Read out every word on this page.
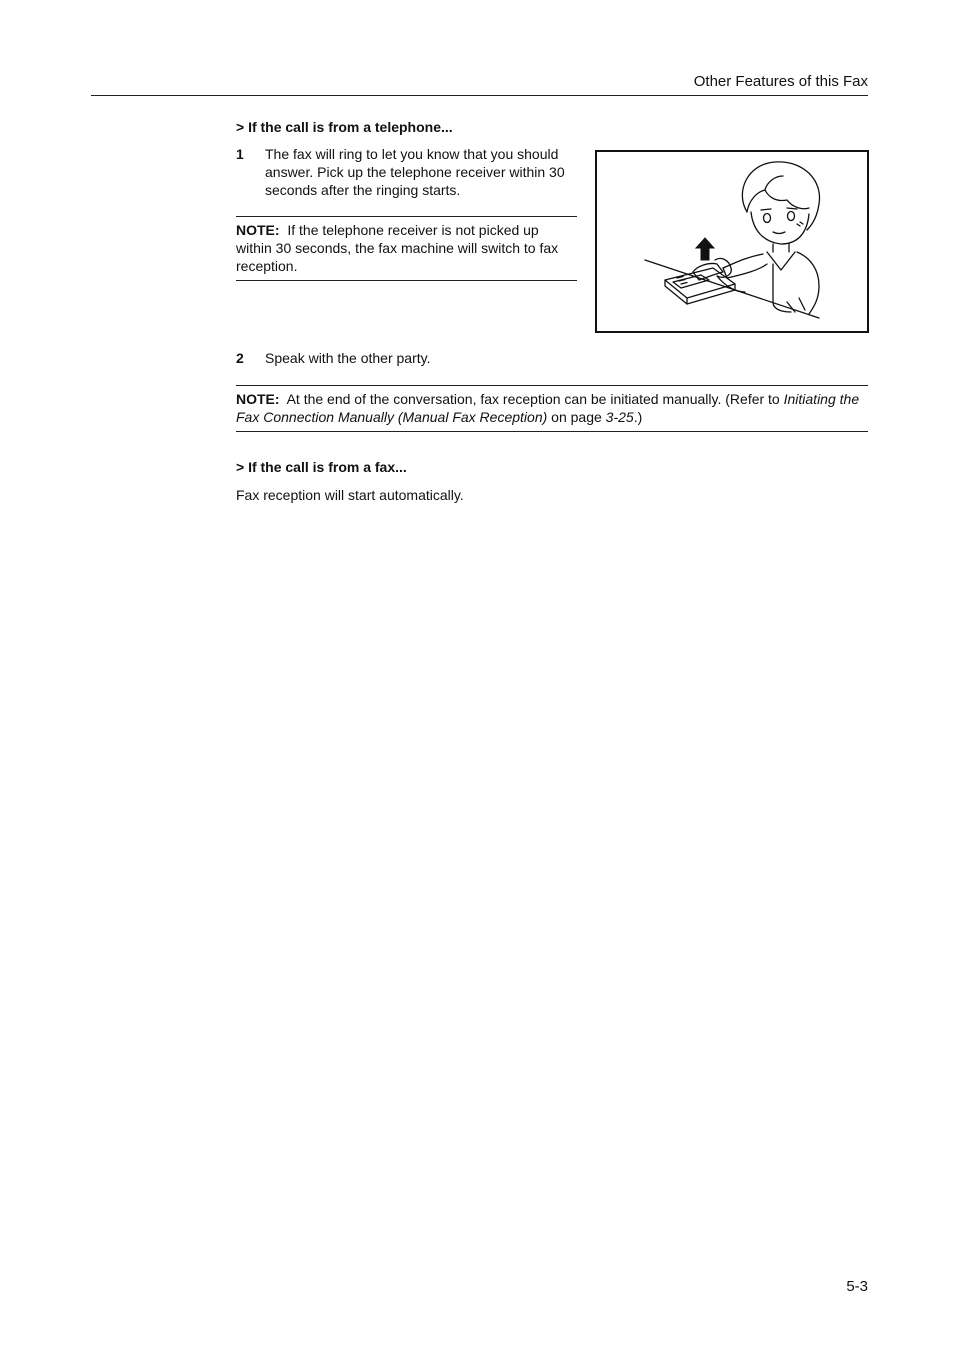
Other Features of this Fax
> If the call is from a telephone...
1 The fax will ring to let you know that you should answer. Pick up the telephone receiver within 30 seconds after the ringing starts.
NOTE: If the telephone receiver is not picked up within 30 seconds, the fax machine will switch to fax reception.
2 Speak with the other party.
NOTE: At the end of the conversation, fax reception can be initiated manually. (Refer to Initiating the Fax Connection Manually (Manual Fax Reception) on page 3-25.)
> If the call is from a fax...
Fax reception will start automatically.
5-3
